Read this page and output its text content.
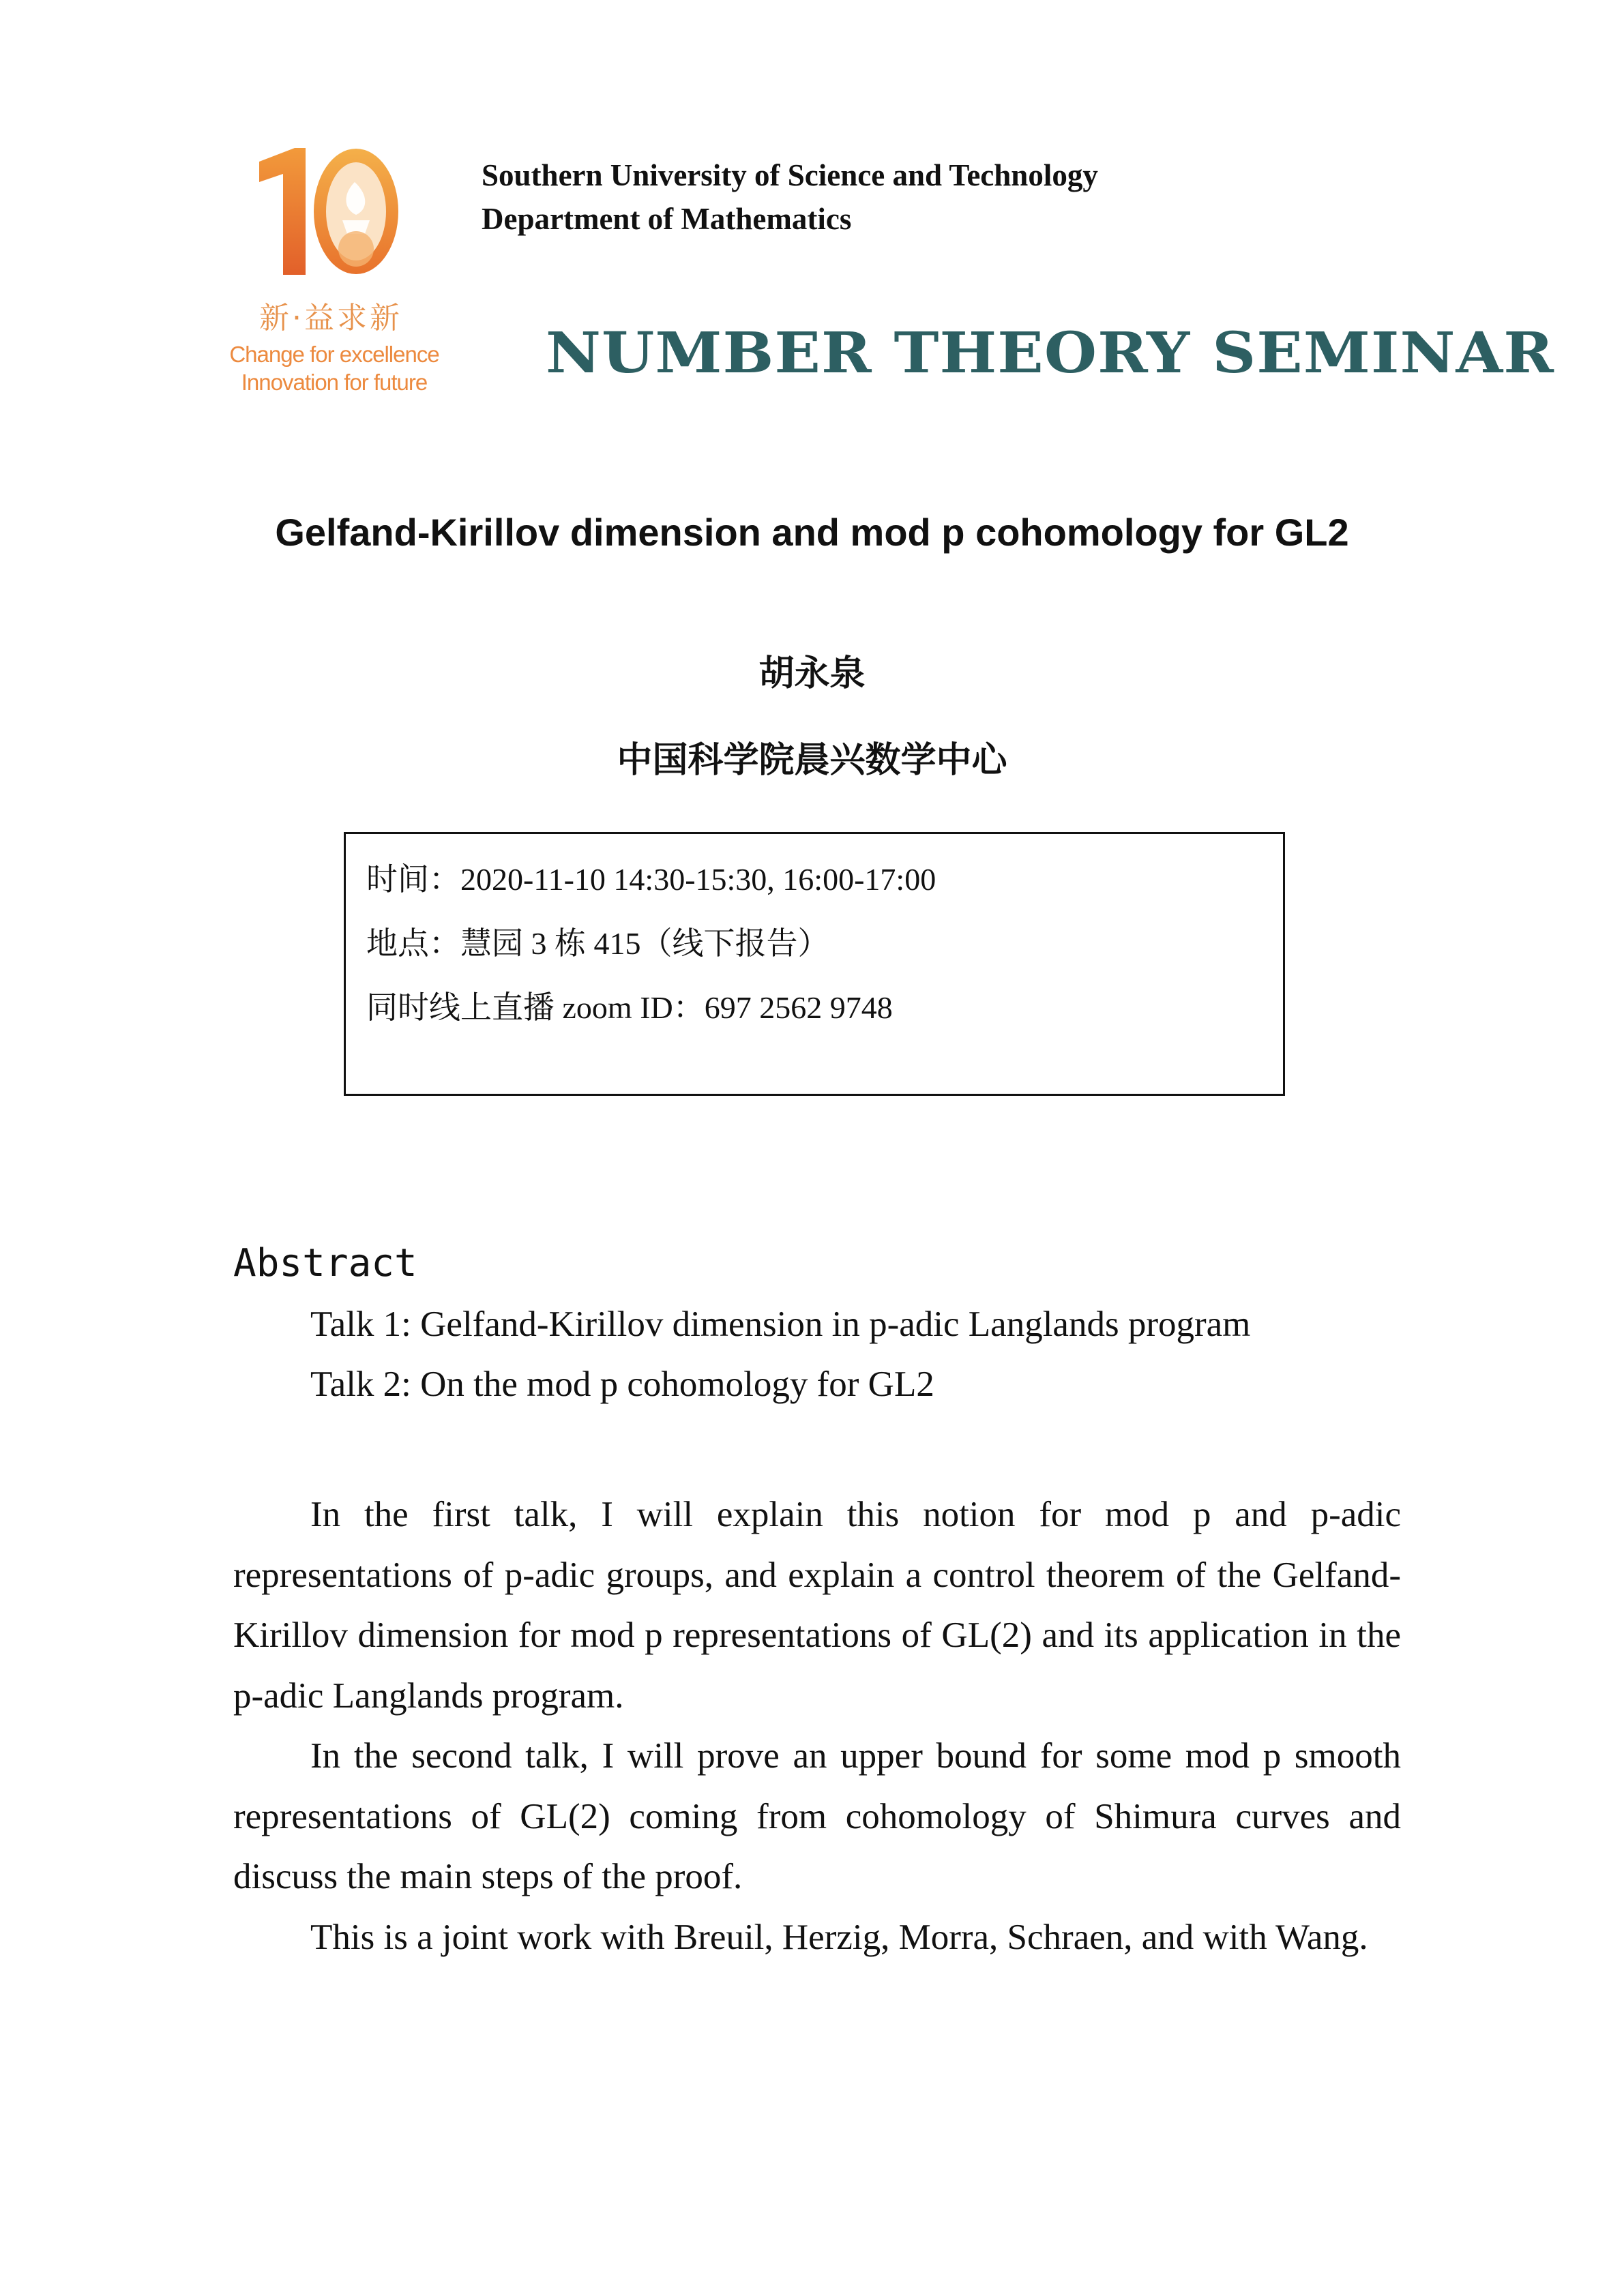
新·益求新
Change for excellence
Innovation for future
Southern University of Science and Technology
Department of Mathematics
NUMBER THEORY SEMINAR
Gelfand-Kirillov dimension and mod p cohomology for GL2
胡永泉
中国科学院晨兴数学中心
时间：2020-11-10 14:30-15:30, 16:00-17:00
地点：慧园 3 栋 415（线下报告）
同时线上直播 zoom ID：697 2562 9748
Abstract
Talk 1: Gelfand-Kirillov dimension in p-adic Langlands program
Talk 2: On the mod p cohomology for GL2

In the first talk, I will explain this notion for mod p and p-adic representations of p-adic groups, and explain a control theorem of the Gelfand-Kirillov dimension for mod p representations of GL(2) and its application in the p-adic Langlands program.

In the second talk, I will prove an upper bound for some mod p smooth representations of GL(2) coming from cohomology of Shimura curves and discuss the main steps of the proof.

This is a joint work with Breuil, Herzig, Morra, Schraen, and with Wang.
